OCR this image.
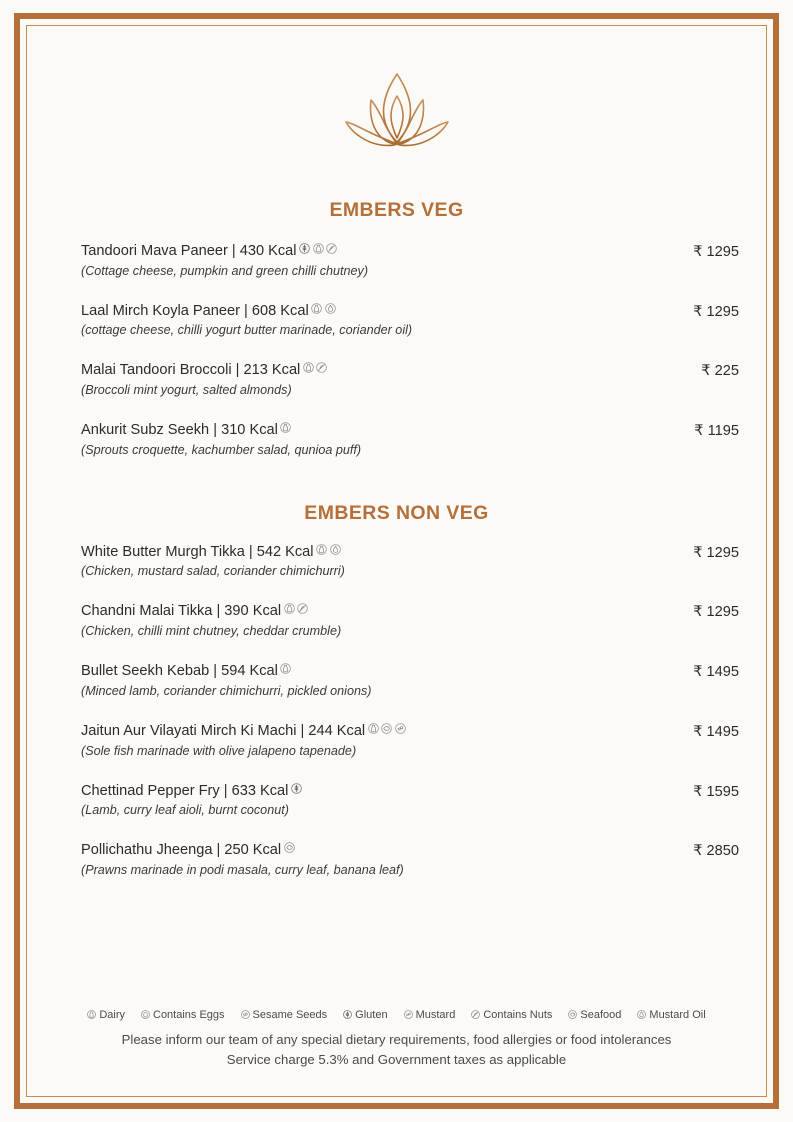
EMBERS VEG
Tandoori Mava Paneer | 430 Kcal
(Cottage cheese, pumpkin and green chilli chutney)
₹ 1295
Laal Mirch Koyla Paneer | 608 Kcal
(cottage cheese, chilli yogurt butter marinade, coriander oil)
₹ 1295
Malai Tandoori Broccoli | 213 Kcal
(Broccoli mint yogurt, salted almonds)
₹ 225
Ankurit Subz Seekh | 310 Kcal
(Sprouts croquette, kachumber salad, qunioa puff)
₹ 1195
EMBERS NON VEG
White Butter Murgh Tikka | 542 Kcal
(Chicken, mustard salad, coriander chimichurri)
₹ 1295
Chandni Malai Tikka | 390 Kcal
(Chicken, chilli mint chutney, cheddar crumble)
₹ 1295
Bullet Seekh Kebab | 594 Kcal
(Minced lamb, coriander chimichurri, pickled onions)
₹ 1495
Jaitun Aur Vilayati Mirch Ki Machi | 244 Kcal
(Sole fish marinade with olive jalapeno tapenade)
₹ 1495
Chettinad Pepper Fry | 633 Kcal
(Lamb, curry leaf aioli, burnt coconut)
₹ 1595
Pollichathu Jheenga | 250 Kcal
(Prawns marinade in podi masala, curry leaf, banana leaf)
₹ 2850
Dairy	Contains Eggs	Sesame Seeds	Gluten	Mustard	Contains Nuts	Seafood	Mustard Oil
Please inform our team of any special dietary requirements, food allergies or food intolerances
Service charge 5.3% and Government taxes as applicable
